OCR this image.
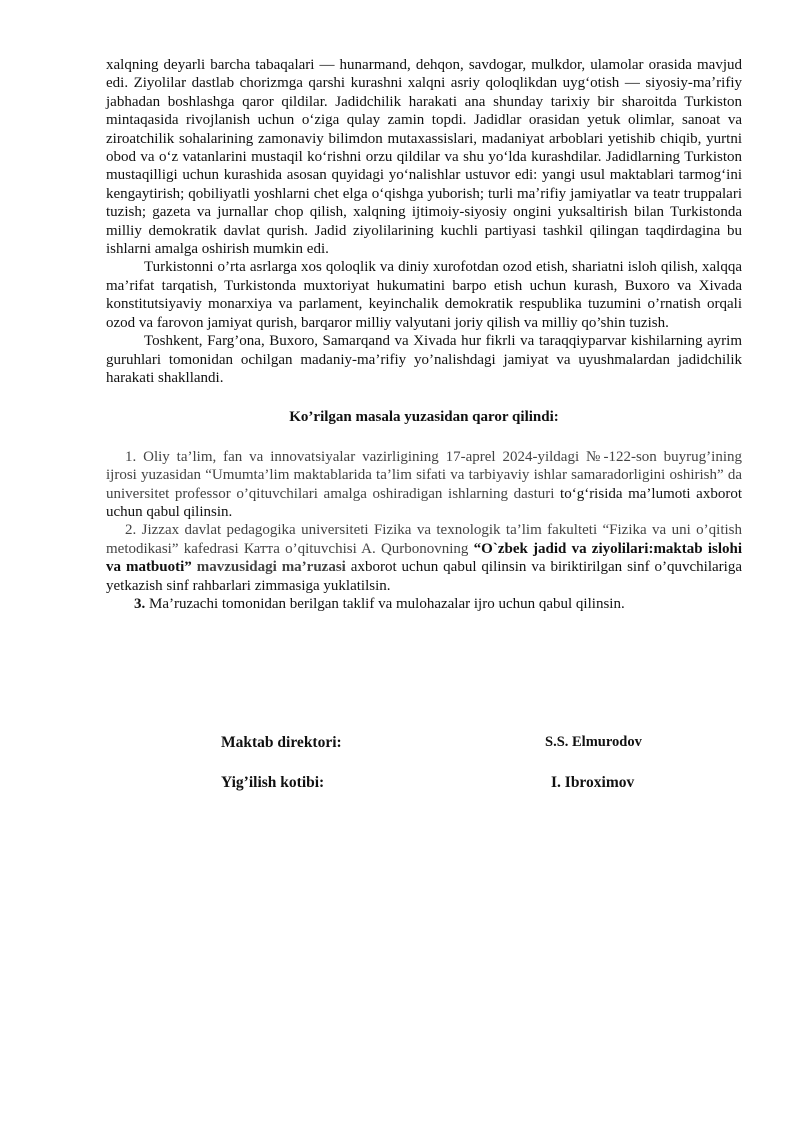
xalqning deyarli barcha tabaqalari — hunarmand, dehqon, savdogar, mulkdor, ulamolar orasida mavjud edi. Ziyolilar dastlab chorizmga qarshi kurashni xalqni asriy qoloqlikdan uygʻotish — siyosiy-maʼrifiy jabhadan boshlashga qaror qildilar. Jadidchilik harakati ana shunday tarixiy bir sharoitda Turkiston mintaqasida rivojlanish uchun oʻziga qulay zamin topdi. Jadidlar orasidan yetuk olimlar, sanoat va ziroatchilik sohalarining zamonaviy bilimdon mutaxassislari, madaniyat arboblari yetishib chiqib, yurtni obod va oʻz vatanlarini mustaqil koʻrishni orzu qildilar va shu yoʻlda kurashdilar. Jadidlarning Turkiston mustaqilligi uchun kurashida asosan quyidagi yoʻnalishlar ustuvor edi: yangi usul maktablari tarmogʻini kengaytirish; qobiliyatli yoshlarni chet elga oʻqishga yuborish; turli maʼrifiy jamiyatlar va teatr truppalari tuzish; gazeta va jurnallar chop qilish, xalqning ijtimoiy-siyosiy ongini yuksaltirish bilan Turkistonda milliy demokratik davlat qurish. Jadid ziyolilarining kuchli partiyasi tashkil qilingan taqdirdagina bu ishlarni amalga oshirish mumkin edi.

Turkistonni o’rta asrlarga xos qoloqlik va diniy xurofotdan ozod etish, shariatni isloh qilish, xalqqa ma’rifat tarqatish, Turkistonda muxtoriyat hukumatini barpo etish uchun kurash, Buxoro va Xivada konstitutsiyaviy monarxiya va parlament, keyinchalik demokratik respublika tuzumini o’rnatish orqali ozod va farovon jamiyat qurish, barqaror milliy valyutani joriy qilish va milliy qo’shin tuzish.

Toshkent, Farg’ona, Buxoro, Samarqand va Xivada hur fikrli va taraqqiyparvar kishilarning ayrim guruhlari tomonidan ochilgan madaniy-ma’rifiy yo’nalishdagi jamiyat va uyushmalardan jadidchilik harakati shakllandi.

Ko’rilgan masala yuzasidan qaror qilindi:

1. Oliy ta’lim, fan va innovatsiyalar vazirligining 17-aprel 2024-yildagi №-122-son buyrug’ining ijrosi yuzasidan “Umumta’lim maktablarida ta’lim sifati va tarbiyaviy ishlar samaradorligini oshirish” da universitet professor o’qituvchilari amalga oshiradigan ishlarning dasturi to‘g‘risida ma’lumoti axborot uchun qabul qilinsin.

2. Jizzax davlat pedagogika universiteti Fizika va texnologik ta’lim fakulteti “Fizika va uni o’qitish metodikasi” kafedrasi Катта o’qituvchisi A. Qurbonovning “O`zbek jadid va ziyolilari:maktab islohi va matbuoti” mavzusidagi ma’ruzasi axborot uchun qabul qilinsin va biriktirilgan sinf o’quvchilariga yetkazish sinf rahbarlari zimmasiga yuklatilsin.

3. Ma’ruzachi tomonidan berilgan taklif va mulohazalar ijro uchun qabul qilinsin.

Maktab direktori:	S.S. Elmurodov
Yig’ilish kotibi:	I. Ibroximov
